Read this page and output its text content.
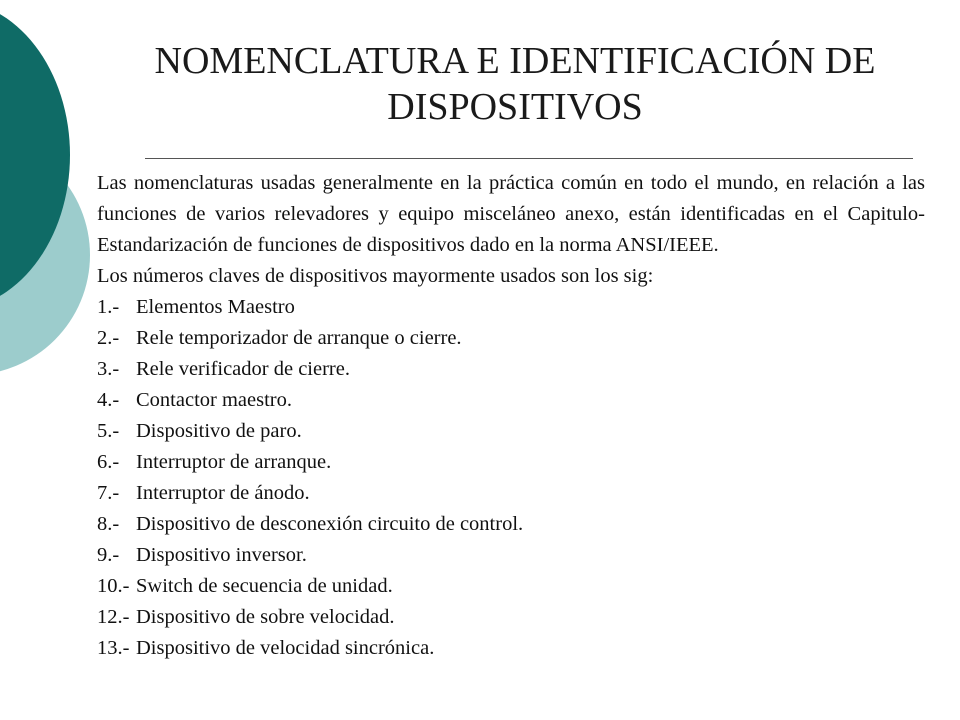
NOMENCLATURA E IDENTIFICACIÓN DE DISPOSITIVOS

Las nomenclaturas usadas generalmente en la práctica común en todo el mundo, en relación a las funciones de varios relevadores y equipo misceláneo anexo, están identificadas en el Capitulo-Estandarización de funciones de dispositivos dado en la norma ANSI/IEEE.

Los números claves de dispositivos mayormente usados son los sig:

1.- Elementos Maestro
2.- Rele temporizador de arranque o cierre.
3.- Rele verificador de cierre.
4.- Contactor maestro.
5.- Dispositivo de paro.
6.- Interruptor de arranque.
7.- Interruptor de ánodo.
8.- Dispositivo de desconexión circuito de control.
9.- Dispositivo inversor.
10.- Switch de secuencia de unidad.
12.- Dispositivo de sobre velocidad.
13.- Dispositivo de velocidad sincrónica.
